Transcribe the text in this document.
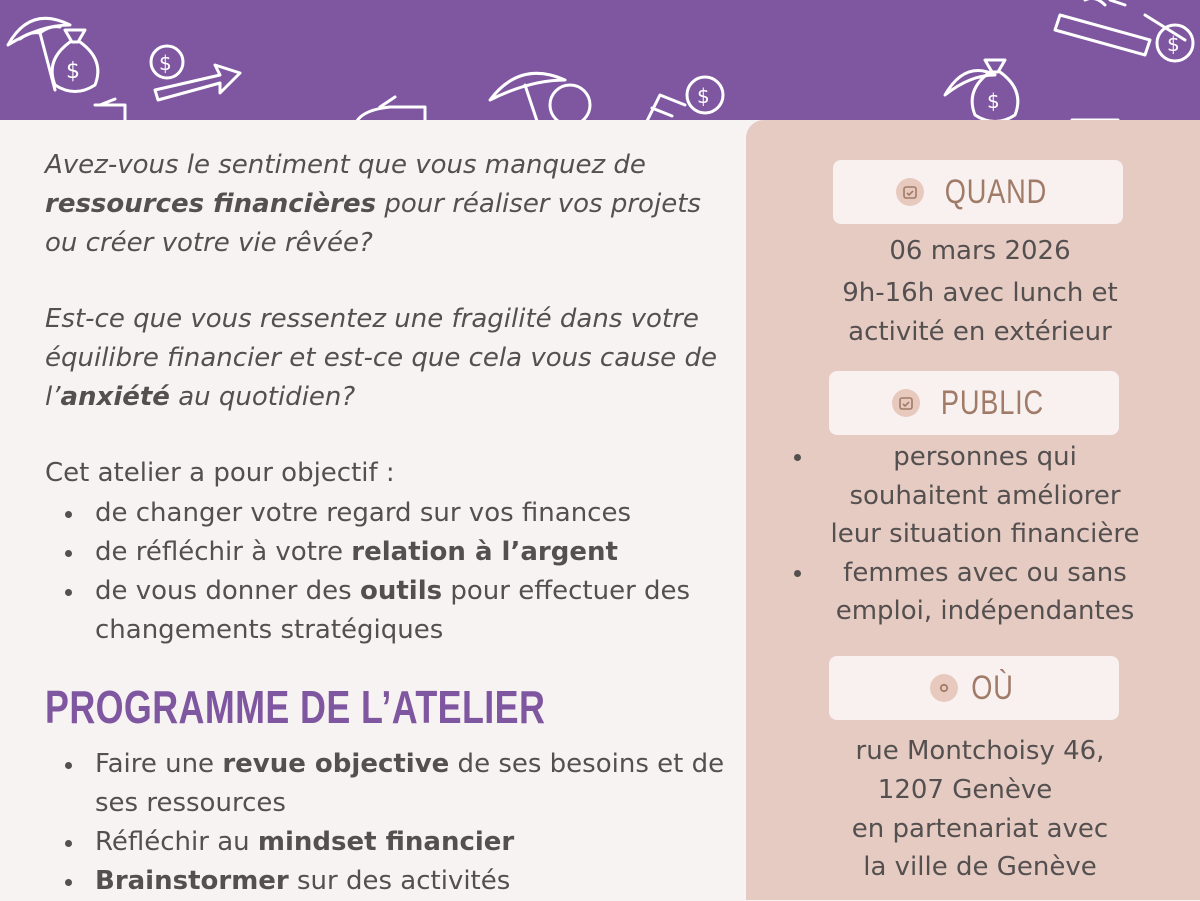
$	$
$	$
$

Avez-vous le sentiment que vous manquez de ressources financières pour réaliser vos projets ou créer votre vie rêvée?

Est-ce que vous ressentez une fragilité dans votre équilibre financier et est-ce que cela vous cause de l’anxiété au quotidien?

Cet atelier a pour objectif :

de changer votre regard sur vos finances
de réfléchir à votre relation à l’argent
de vous donner des outils pour effectuer des changements stratégiques
PROGRAMME DE L’ATELIER
Faire une revue objective de ses besoins et de ses ressources
Réfléchir au mindset financier
Brainstormer sur des activités
QUAND

06 mars 2026

9h-16h avec lunch et

activité en extérieur

PUBLIC
personnes qui
souhaitent améliorer
leur situation financière
femmes avec ou sans
emploi, indépendantes
OÙ

rue Montchoisy 46,

1207 Genève

en partenariat avec

la ville de Genève
